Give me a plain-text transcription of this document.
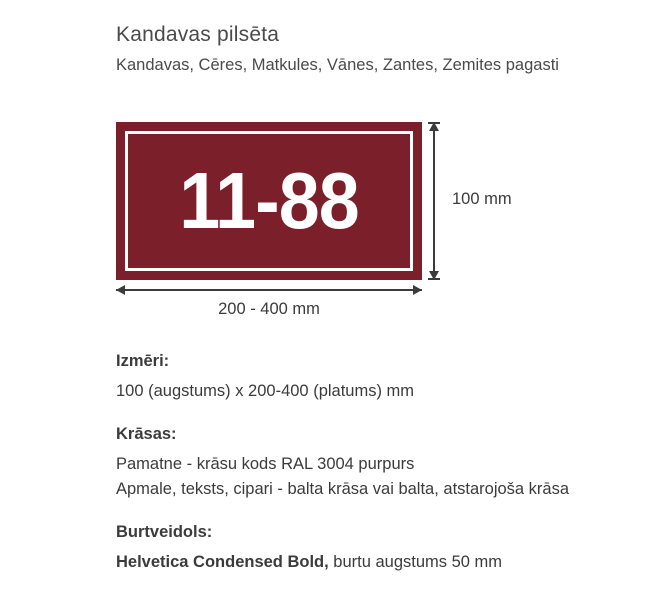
Kandavas pilsēta
Kandavas, Cēres, Matkules, Vānes, Zantes, Zemites pagasti
11-88	100 mm
200 - 400 mm
Izmēri:
100 (augstums) x 200-400 (platums) mm
Krāsas:
Pamatne - krāsu kods RAL 3004 purpurs
Apmale, teksts, cipari - balta krāsa vai balta, atstarojoša krāsa
Burtveidols:
Helvetica Condensed Bold, burtu augstums 50 mm
